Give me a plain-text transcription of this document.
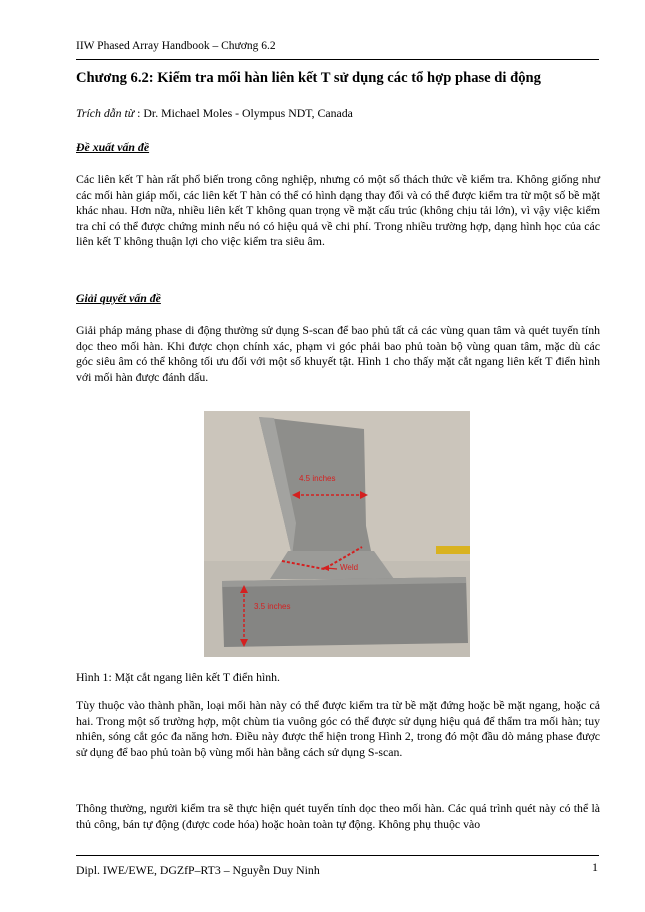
IIW Phased Array Handbook – Chương 6.2
Chương 6.2: Kiểm tra mối hàn liên kết T sử dụng các tổ hợp phase di động
Trích dẫn từ : Dr. Michael Moles - Olympus NDT, Canada
Đề xuất vấn đề

Các liên kết T hàn rất phổ biến trong công nghiệp, nhưng có một số thách thức về kiểm tra. Không giống như các mối hàn giáp mối, các liên kết T hàn có thể có hình dạng thay đổi và có thể được kiểm tra từ một số bề mặt khác nhau. Hơn nữa, nhiều liên kết T không quan trọng về mặt cấu trúc (không chịu tải lớn), vì vậy việc kiểm tra chỉ có thể được chứng minh nếu nó có hiệu quả về chi phí. Trong nhiều trường hợp, dạng hình học của các liên kết T không thuận lợi cho việc kiểm tra siêu âm.

Giải quyết vấn đề

Giải pháp mảng phase di động thường sử dụng S-scan để bao phủ tất cả các vùng quan tâm và quét tuyến tính dọc theo mối hàn. Khi được chọn chính xác, phạm vi góc phải bao phủ toàn bộ vùng quan tâm, mặc dù các góc siêu âm có thể không tối ưu đối với một số khuyết tật. Hình 1 cho thấy mặt cắt ngang liên kết T điển hình với mối hàn được đánh dấu.

4.5 inches
Weld
3.5 inches
Hình 1: Mặt cắt ngang liên kết T điển hình.

Tùy thuộc vào thành phần, loại mối hàn này có thể được kiểm tra từ bề mặt đứng hoặc bề mặt ngang, hoặc cả hai. Trong một số trường hợp, một chùm tia vuông góc có thể được sử dụng hiệu quả để thẩm tra mối hàn; tuy nhiên, sóng cắt góc đa năng hơn. Điều này được thể hiện trong Hình 2, trong đó một đầu dò mảng phase được sử dụng để bao phủ toàn bộ vùng mối hàn bằng cách sử dụng S-scan.

Thông thường, người kiểm tra sẽ thực hiện quét tuyến tính dọc theo mối hàn. Các quá trình quét này có thể là thủ công, bán tự động (được code hóa) hoặc hoàn toàn tự động. Không phụ thuộc vào

Dipl. IWE/EWE, DGZfP–RT3 – Nguyễn Duy Ninh	1
